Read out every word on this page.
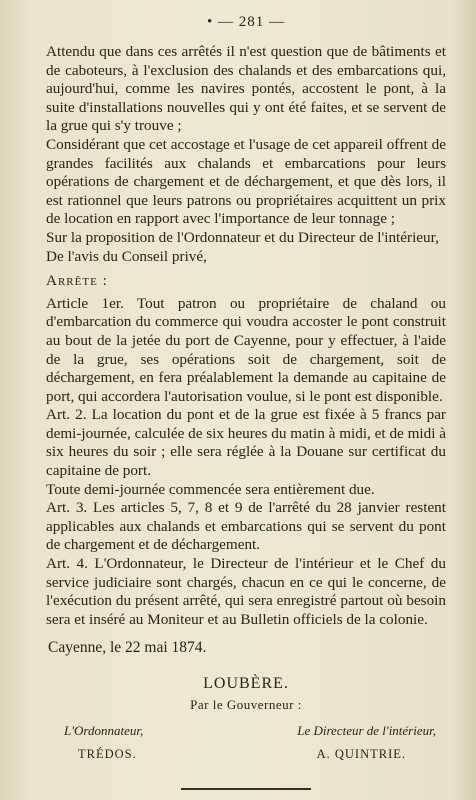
• — 281 —

Attendu que dans ces arrêtés il n'est question que de bâtiments et de caboteurs, à l'exclusion des chalands et des embarcations qui, aujourd'hui, comme les navires pontés, accostent le pont, à la suite d'installations nouvelles qui y ont été faites, et se servent de la grue qui s'y trouve ;

Considérant que cet accostage et l'usage de cet appareil offrent de grandes facilités aux chalands et embarcations pour leurs opérations de chargement et de déchargement, et que dès lors, il est rationnel que leurs patrons ou propriétaires acquittent un prix de location en rapport avec l'importance de leur tonnage ;

Sur la proposition de l'Ordonnateur et du Directeur de l'intérieur,

De l'avis du Conseil privé,

Arrête :

Article 1er. Tout patron ou propriétaire de chaland ou d'embarcation du commerce qui voudra accoster le pont construit au bout de la jetée du port de Cayenne, pour y effectuer, à l'aide de la grue, ses opérations soit de chargement, soit de déchargement, en fera préalablement la demande au capitaine de port, qui accordera l'autorisation voulue, si le pont est disponible.

Art. 2. La location du pont et de la grue est fixée à 5 francs par demi-journée, calculée de six heures du matin à midi, et de midi à six heures du soir ; elle sera réglée à la Douane sur certificat du capitaine de port.

Toute demi-journée commencée sera entièrement due.

Art. 3. Les articles 5, 7, 8 et 9 de l'arrêté du 28 janvier restent applicables aux chalands et embarcations qui se servent du pont de chargement et de déchargement.

Art. 4. L'Ordonnateur, le Directeur de l'intérieur et le Chef du service judiciaire sont chargés, chacun en ce qui le concerne, de l'exécution du présent arrêté, qui sera enregistré partout où besoin sera et inséré au Moniteur et au Bulletin officiels de la colonie.

Cayenne, le 22 mai 1874.
LOUBÈRE.
Par le Gouverneur :
L'Ordonnateur,
TRÉDOS.
Le Directeur de l'intérieur,
A. QUINTRIE.
